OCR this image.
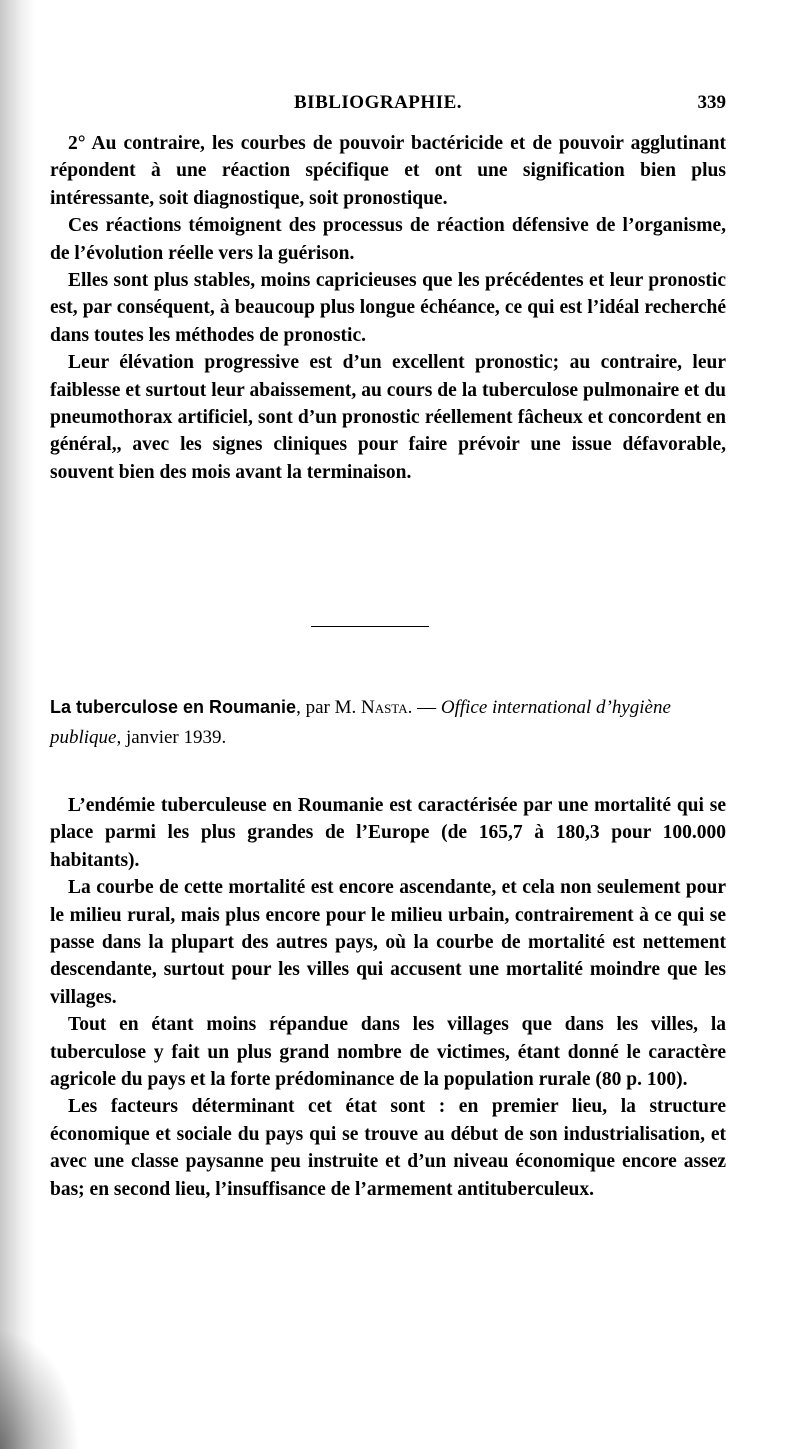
BIBLIOGRAPHIE.	339

2° Au contraire, les courbes de pouvoir bactéricide et de pouvoir agglutinant répondent à une réaction spécifique et ont une signification bien plus intéressante, soit diagnostique, soit pronostique.

Ces réactions témoignent des processus de réaction défensive de l’organisme, de l’évolution réelle vers la guérison.

Elles sont plus stables, moins capricieuses que les précédentes et leur pronostic est, par conséquent, à beaucoup plus longue échéance, ce qui est l’idéal recherché dans toutes les méthodes de pronostic.

Leur élévation progressive est d’un excellent pronostic; au contraire, leur faiblesse et surtout leur abaissement, au cours de la tuberculose pulmonaire et du pneumothorax artificiel, sont d’un pronostic réellement fâcheux et concordent en général,, avec les signes cliniques pour faire prévoir une issue défavorable, souvent bien des mois avant la terminaison.

La tuberculose en Roumanie, par M. Nasta. — Office international d’hygiène publique, janvier 1939.

L’endémie tuberculeuse en Roumanie est caractérisée par une mortalité qui se place parmi les plus grandes de l’Europe (de 165,7 à 180,3 pour 100.000 habitants).

La courbe de cette mortalité est encore ascendante, et cela non seulement pour le milieu rural, mais plus encore pour le milieu urbain, contrairement à ce qui se passe dans la plupart des autres pays, où la courbe de mortalité est nettement descendante, surtout pour les villes qui accusent une mortalité moindre que les villages.

Tout en étant moins répandue dans les villages que dans les villes, la tuberculose y fait un plus grand nombre de victimes, étant donné le caractère agricole du pays et la forte prédominance de la population rurale (80 p. 100).

Les facteurs déterminant cet état sont : en premier lieu, la structure économique et sociale du pays qui se trouve au début de son industrialisation, et avec une classe paysanne peu instruite et d’un niveau économique encore assez bas; en second lieu, l’insuffisance de l’armement antituberculeux.
